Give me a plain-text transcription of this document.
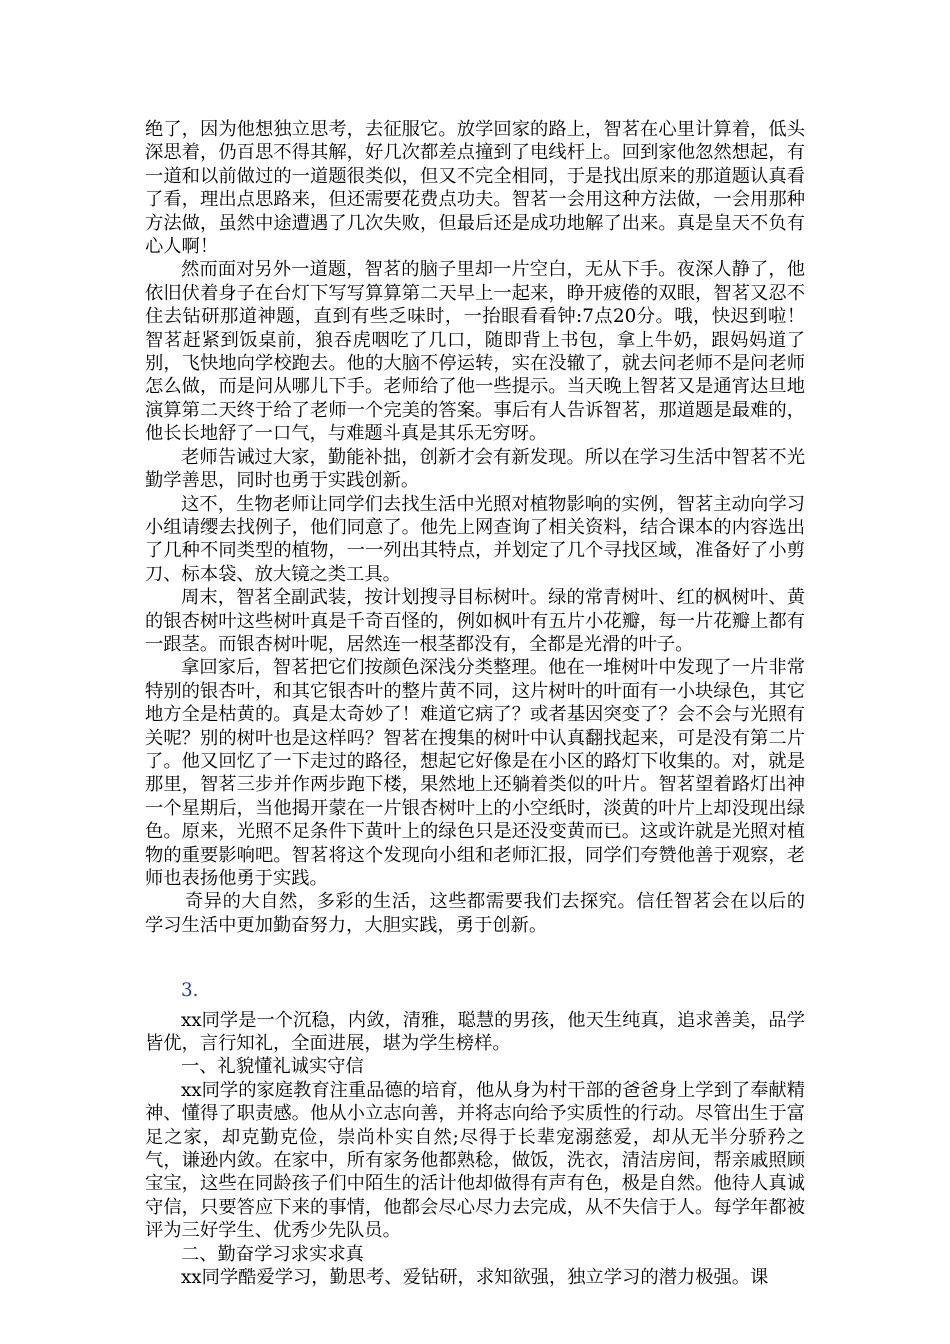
绝了，因为他想独立思考，去征服它。放学回家的路上，智茗在心里计算着，低头深思着，仍百思不得其解，好几次都差点撞到了电线杆上。回到家他忽然想起，有一道和以前做过的一道题很类似，但又不完全相同，于是找出原来的那道题认真看了看，理出点思路来，但还需要花费点功夫。智茗一会用这种方法做，一会用那种方法做，虽然中途遭遇了几次失败，但最后还是成功地解了出来。真是皇天不负有心人啊！

然而面对另外一道题，智茗的脑子里却一片空白，无从下手。夜深人静了，他依旧伏着身子在台灯下写写算算第二天早上一起来，睁开疲倦的双眼，智茗又忍不住去钻研那道神题，直到有些乏味时，一抬眼看看钟:7点20分。哦，快迟到啦！智茗赶紧到饭桌前，狼吞虎咽吃了几口，随即背上书包，拿上牛奶，跟妈妈道了别，飞快地向学校跑去。他的大脑不停运转，实在没辙了，就去问老师不是问老师怎么做，而是问从哪儿下手。老师给了他一些提示。当天晚上智茗又是通宵达旦地演算第二天终于给了老师一个完美的答案。事后有人告诉智茗，那道题是最难的，他长长地舒了一口气，与难题斗真是其乐无穷呀。

老师告诫过大家，勤能补拙，创新才会有新发现。所以在学习生活中智茗不光勤学善思，同时也勇于实践创新。

这不，生物老师让同学们去找生活中光照对植物影响的实例，智茗主动向学习小组请缨去找例子，他们同意了。他先上网查询了相关资料，结合课本的内容选出了几种不同类型的植物，一一列出其特点，并划定了几个寻找区域，准备好了小剪刀、标本袋、放大镜之类工具。

周末，智茗全副武装，按计划搜寻目标树叶。绿的常青树叶、红的枫树叶、黄的银杏树叶这些树叶真是千奇百怪的，例如枫叶有五片小花瓣，每一片花瓣上都有一跟茎。而银杏树叶呢，居然连一根茎都没有，全都是光滑的叶子。

拿回家后，智茗把它们按颜色深浅分类整理。他在一堆树叶中发现了一片非常特别的银杏叶，和其它银杏叶的整片黄不同，这片树叶的叶面有一小块绿色，其它地方全是枯黄的。真是太奇妙了！难道它病了？或者基因突变了？会不会与光照有关呢？别的树叶也是这样吗？智茗在搜集的树叶中认真翻找起来，可是没有第二片了。他又回忆了一下走过的路径，想起它好像是在小区的路灯下收集的。对，就是那里，智茗三步并作两步跑下楼，果然地上还躺着类似的叶片。智茗望着路灯出神一个星期后，当他揭开蒙在一片银杏树叶上的小空纸时，淡黄的叶片上却没现出绿色。原来，光照不足条件下黄叶上的绿色只是还没变黄而已。这或许就是光照对植物的重要影响吧。智茗将这个发现向小组和老师汇报，同学们夸赞他善于观察，老师也表扬他勇于实践。

奇异的大自然，多彩的生活，这些都需要我们去探究。信任智茗会在以后的学习生活中更加勤奋努力，大胆实践，勇于创新。

3.

xx同学是一个沉稳，内敛，清雅，聪慧的男孩，他天生纯真，追求善美，品学皆优，言行知礼，全面进展，堪为学生榜样。

一、礼貌懂礼诚实守信

xx同学的家庭教育注重品德的培育，他从身为村干部的爸爸身上学到了奉献精神、懂得了职责感。他从小立志向善，并将志向给予实质性的行动。尽管出生于富足之家，却克勤克俭，崇尚朴实自然;尽得于长辈宠溺慈爱，却从无半分骄矜之气，谦逊内敛。在家中，所有家务他都熟稔，做饭，洗衣，清洁房间，帮亲戚照顾宝宝，这些在同龄孩子们中陌生的活计他却做得有声有色，极是自然。他待人真诚守信，只要答应下来的事情，他都会尽心尽力去完成，从不失信于人。每学年都被评为三好学生、优秀少先队员。

二、勤奋学习求实求真

xx同学酷爱学习，勤思考、爱钻研，求知欲强，独立学习的潜力极强。课
